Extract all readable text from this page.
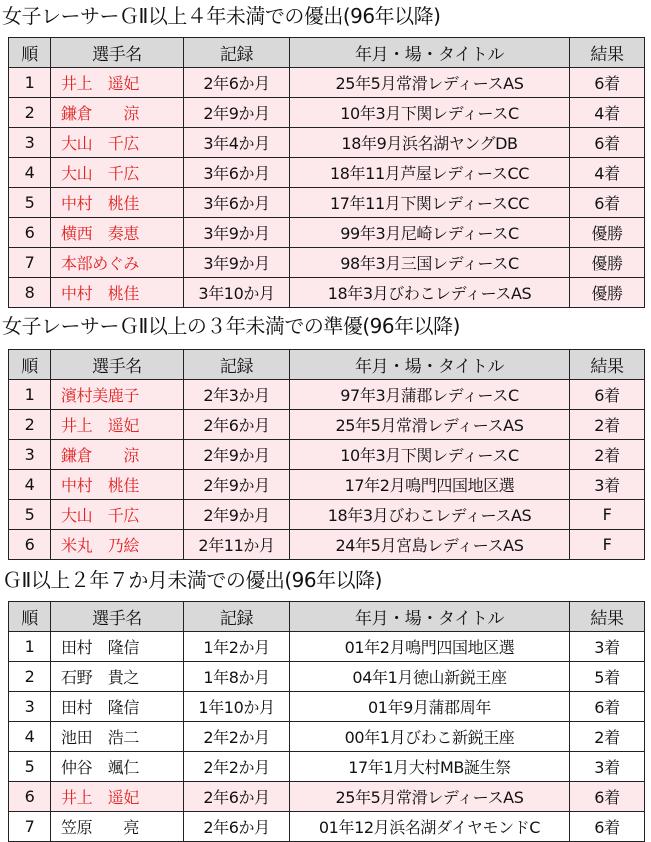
女子レーサーＧⅡ以上４年未満での優出(96年以降)
順	選手名	記録	年月・場・タイトル	結果
1	井上　遥妃	2年6か月	25年5月常滑レディースAS	6着
2	鎌倉　　涼	2年9か月	10年3月下関レディースC	4着
3	大山　千広	3年4か月	18年9月浜名湖ヤングDB	6着
4	大山　千広	3年6か月	18年11月芦屋レディースCC	4着
5	中村　桃佳	3年6か月	17年11月下関レディースCC	6着
6	横西　奏恵	3年9か月	99年3月尼崎レディースC	優勝
7	本部めぐみ	3年9か月	98年3月三国レディースC	優勝
8	中村　桃佳	3年10か月	18年3月びわこレディースAS	優勝
女子レーサーＧⅡ以上の３年未満での準優(96年以降)
順	選手名	記録	年月・場・タイトル	結果
1	濱村美鹿子	2年3か月	97年3月蒲郡レディースC	6着
2	井上　遥妃	2年6か月	25年5月常滑レディースAS	2着
3	鎌倉　　涼	2年9か月	10年3月下関レディースC	2着
4	中村　桃佳	2年9か月	17年2月鳴門四国地区選	3着
5	大山　千広	2年9か月	18年3月びわこレディースAS	F
6	米丸　乃絵	2年11か月	24年5月宮島レディースAS	F
ＧⅡ以上２年７か月未満での優出(96年以降)
順	選手名	記録	年月・場・タイトル	結果
1	田村　隆信	1年2か月	01年2月鳴門四国地区選	3着
2	石野　貴之	1年8か月	04年1月徳山新鋭王座	5着
3	田村　隆信	1年10か月	01年9月蒲郡周年	6着
4	池田　浩二	2年2か月	00年1月びわこ新鋭王座	2着
5	仲谷　颯仁	2年2か月	17年1月大村MB誕生祭	3着
6	井上　遥妃	2年6か月	25年5月常滑レディースAS	6着
7	笠原　　亮	2年6か月	01年12月浜名湖ダイヤモンドC	6着
